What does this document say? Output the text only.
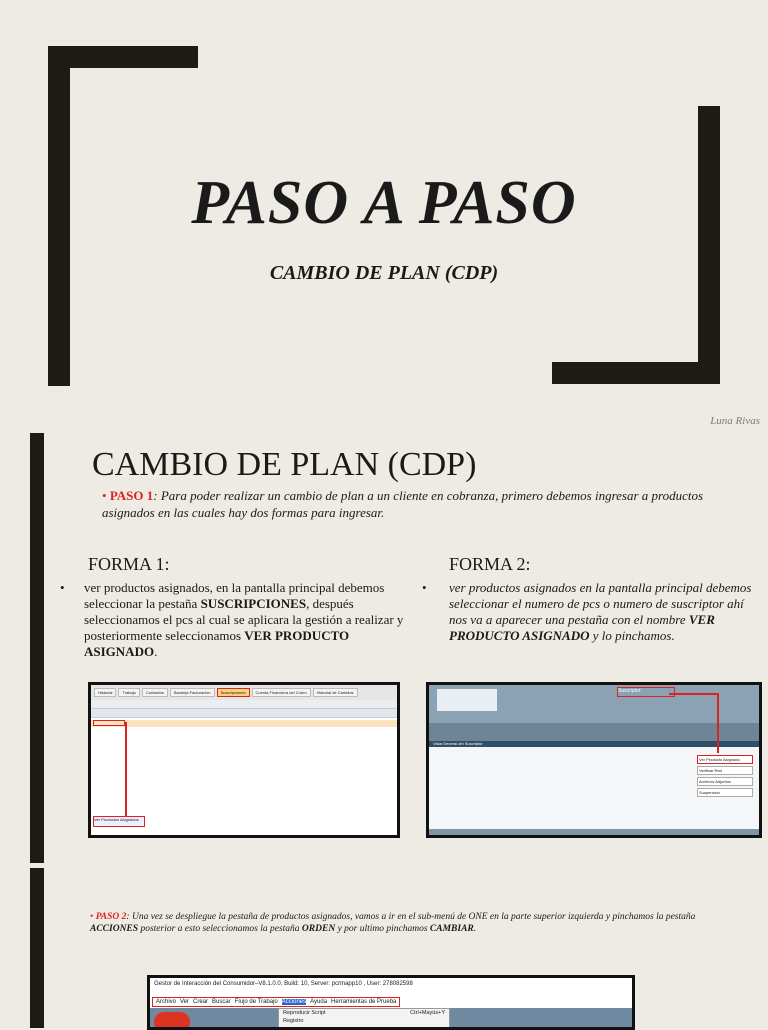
PASO A PASO
CAMBIO DE PLAN (CDP)
Luna Rivas
CAMBIO DE PLAN (CDP)
• PASO 1: Para poder realizar un cambio de plan a un cliente en cobranza, primero debemos ingresar a productos asignados en las cuales hay dos formas para ingresar.
FORMA 1:	FORMA 2:
• ver productos asignados, en la pantalla principal debemos seleccionar la pestaña SUSCRIPCIONES, después seleccionamos el pcs al cual se aplicara la gestión a realizar y posteriormente seleccionamos VER PRODUCTO ASIGNADO.
• ver productos asignados en la pantalla principal debemos seleccionar el numero de pcs o numero de suscriptor ahí nos va a aparecer una pestaña con el nombre VER PRODUCTO ASIGNADO y lo pinchamos.
Historial	Trabajo	Contactos	Bandeja Facturación	Suscripciones	Cuenta Financiera del Cobro	Historial de Cambios
Ver Productos Asignados
Suscriptor:
Vista General del Suscriptor
Ver Producto Asignado
Verificar Red
Archivos Adjuntos
Suspension
• PASO 2: Una vez se despliegue la pestaña de productos asignados, vamos a ir en el sub-menú de ONE en la parte superior izquierda y pinchamos la pestaña ACCIONES posterior a esto seleccionamos la pestaña ORDEN y por ultimo pinchamos CAMBIAR.
Gestor de Interacción del Consumidor–V8.1.0.0, Build: 10, Server: pcrmapp10 , User: 278082598
Archivo Ver Crear Buscar Flujo de Trabajo Acciones Ayuda Herramientas de Prueba
Reproducir Script	Ctrl+Mayús+Y
Registro
